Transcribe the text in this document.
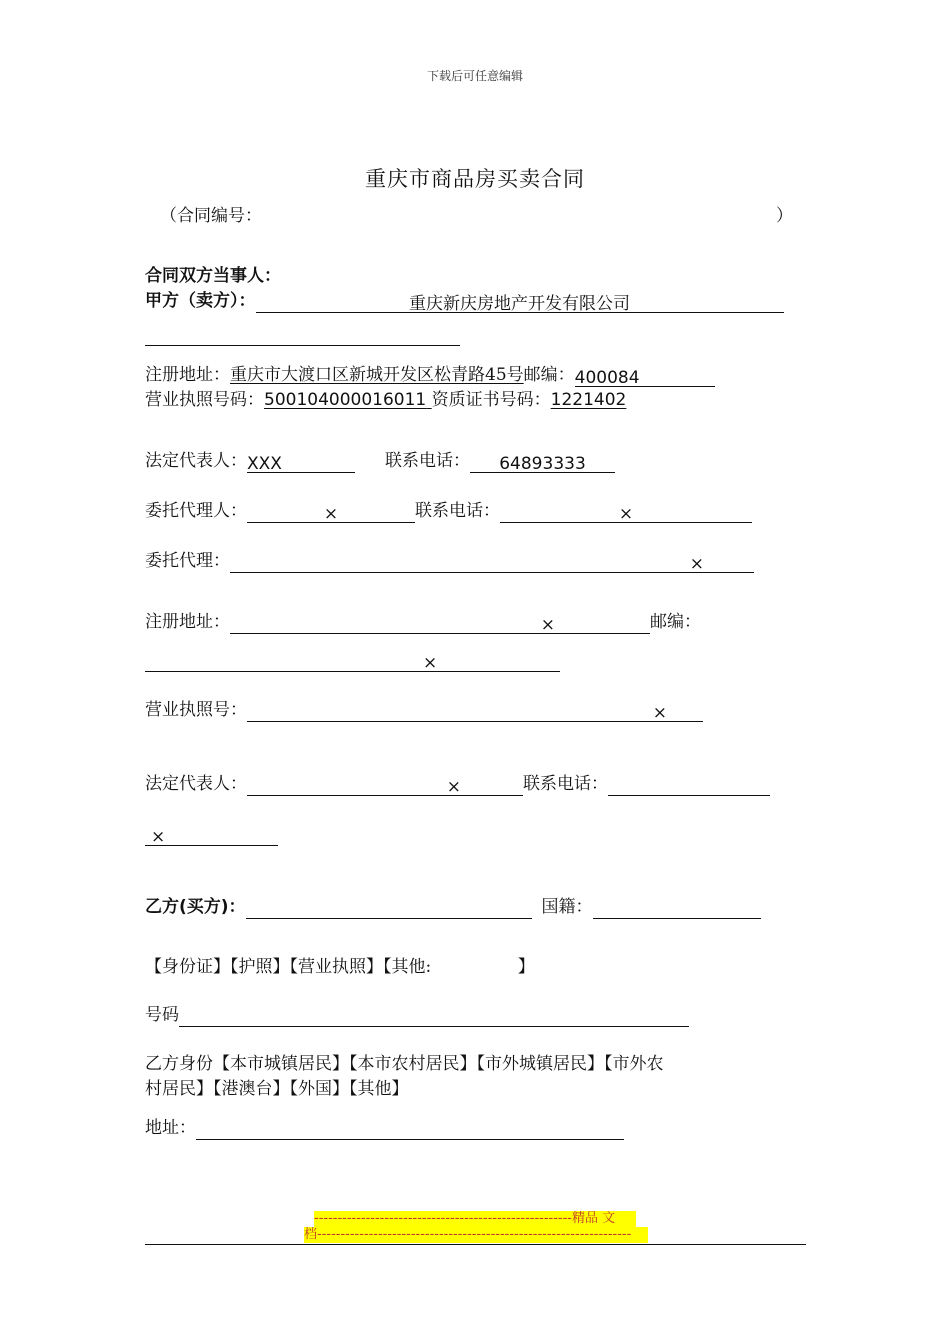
下载后可任意编辑
重庆市商品房买卖合同
（合同编号：	）
合同双方当事人：
甲方（卖方）：	重庆新庆房地产开发有限公司
注册地址：重庆市大渡口区新城开发区松青路45号邮编：400084
营业执照号码：500104000016011 资质证书号码：1221402
法定代表人：XXX	联系电话： 64893333
委托代理人：	×	联系电话：	×
委托代理：	×
注册地址：	×	邮编：
×
营业执照号：	×
法定代表人：	×	联系电话：
×
乙方(买方)：	国籍：
【身份证】【护照】【营业执照】【其他:                】
号码
乙方身份【本市城镇居民】【本市农村居民】【市外城镇居民】【市外农
村居民】【港澳台】【外国】【其他】
地址：
-------------------------------------------------------精品 文
档-------------------------------------------------------------------
